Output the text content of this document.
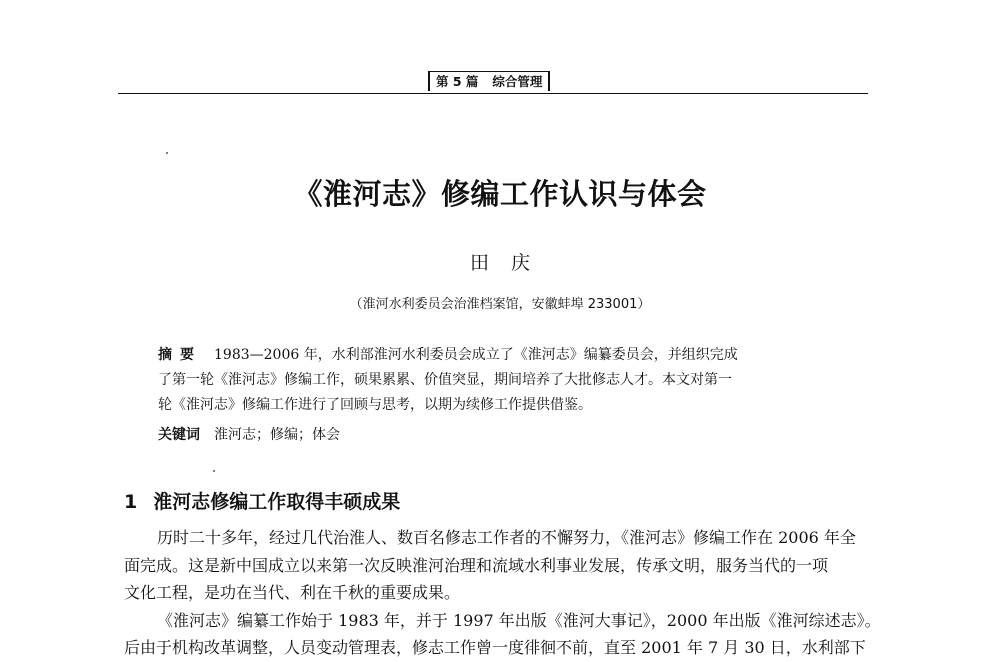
第 5 篇 综合管理
《淮河志》修编工作认识与体会
田 庆
（淮河水利委员会治淮档案馆，安徽蚌埠 233001）
摘要 1983—2006 年，水利部淮河水利委员会成立了《淮河志》编纂委员会，并组织完成
了第一轮《淮河志》修编工作，硕果累累、价值突显，期间培养了大批修志人才。本文对第一
轮《淮河志》修编工作进行了回顾与思考，以期为续修工作提供借鉴。
关键词 淮河志；修编；体会
1 淮河志修编工作取得丰硕成果
历时二十多年，经过几代治淮人、数百名修志工作者的不懈努力，《淮河志》修编工作在 2006 年全
面完成。这是新中国成立以来第一次反映淮河治理和流域水利事业发展，传承文明，服务当代的一项
文化工程，是功在当代、利在千秋的重要成果。
《淮河志》编纂工作始于 1983 年，并于 1997 年出版《淮河大事记》，2000 年出版《淮河综述志》。
后由于机构改革调整，人员变动管理表，修志工作曾一度徘徊不前，直至 2001 年 7 月 30 日，水利部下
